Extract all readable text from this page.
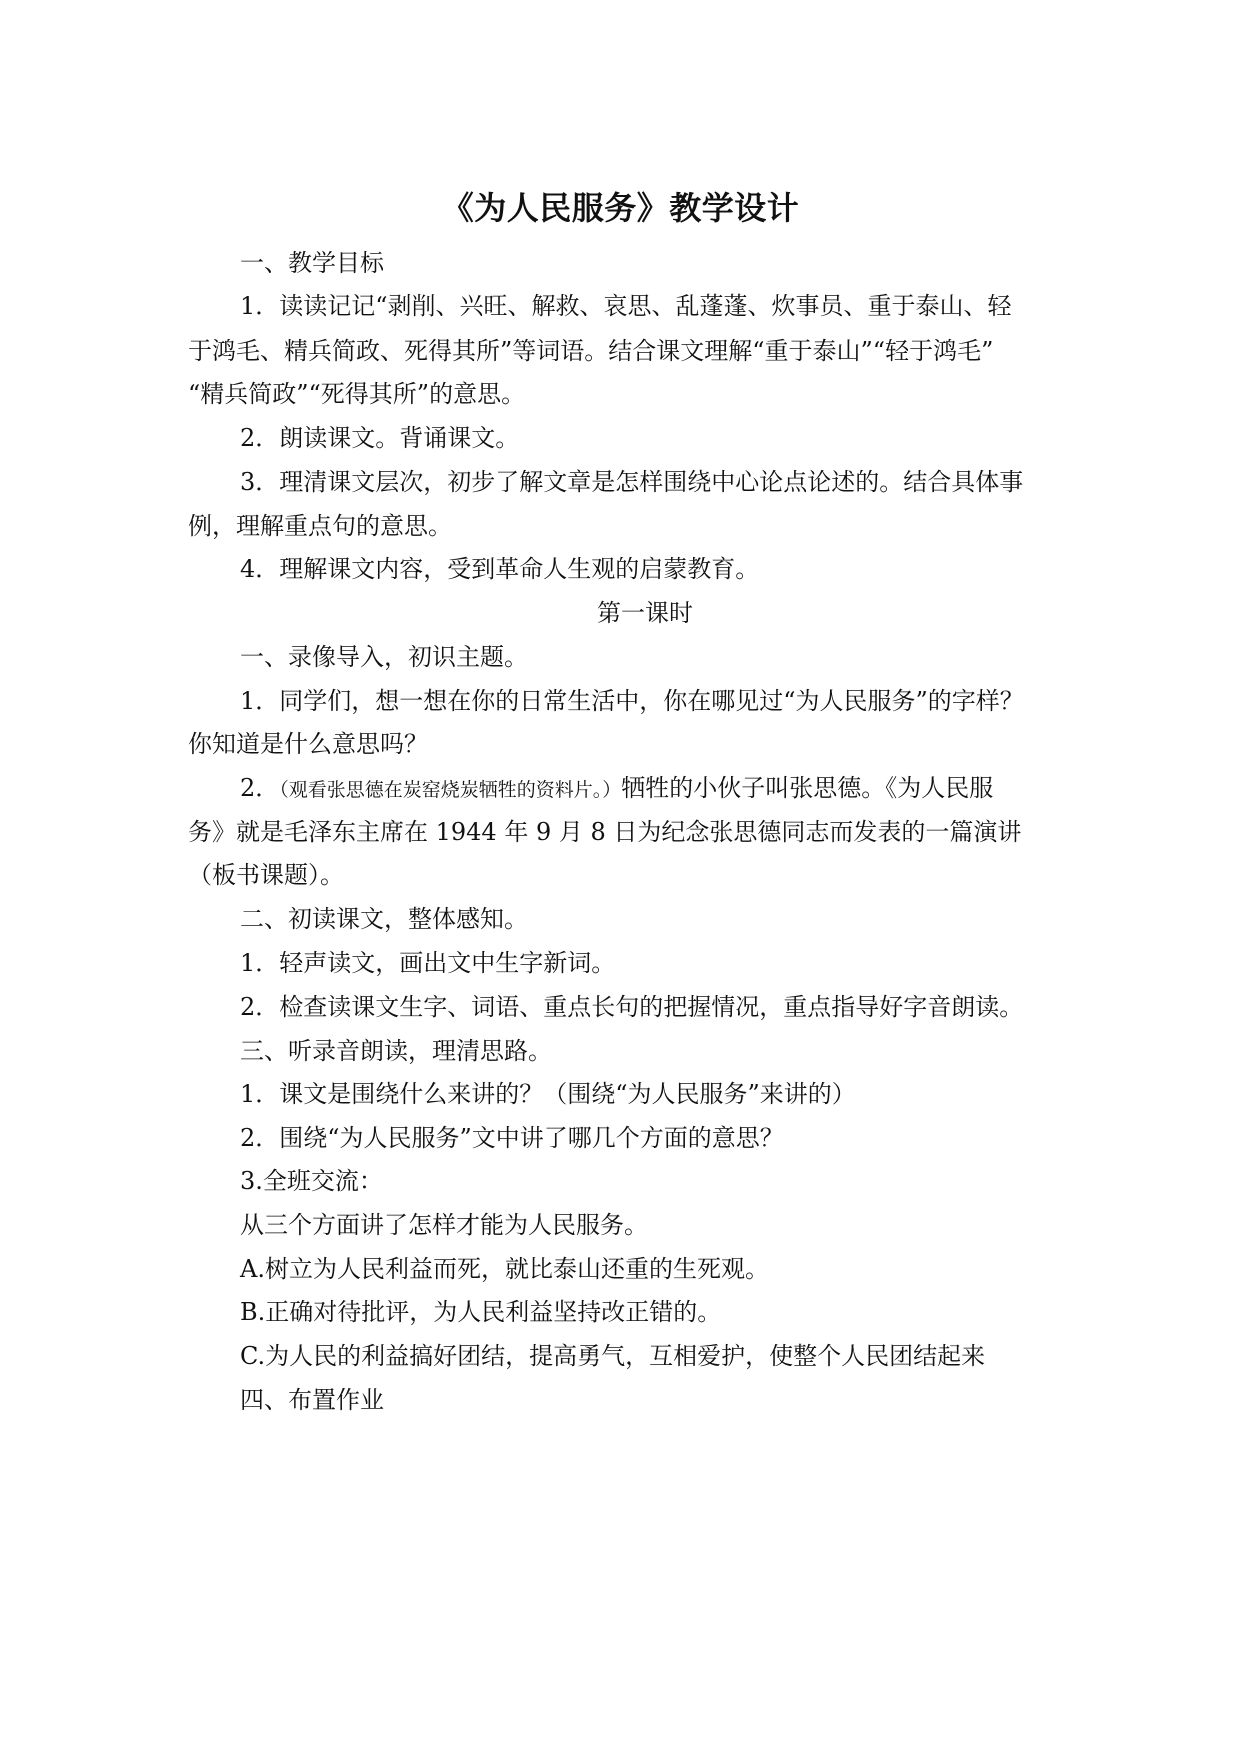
《为人民服务》教学设计
一、教学目标
1．读读记记“剥削、兴旺、解救、哀思、乱蓬蓬、炊事员、重于泰山、轻
于鸿毛、精兵简政、死得其所”等词语。结合课文理解“重于泰山”“轻于鸿毛”
“精兵简政”“死得其所”的意思。
2．朗读课文。背诵课文。
3．理清课文层次，初步了解文章是怎样围绕中心论点论述的。结合具体事
例，理解重点句的意思。
4．理解课文内容，受到革命人生观的启蒙教育。
第一课时
一、录像导入，初识主题。
1．同学们，想一想在你的日常生活中，你在哪见过“为人民服务”的字样？
你知道是什么意思吗？
2．（观看张思德在炭窑烧炭牺牲的资料片。）牺牲的小伙子叫张思德。《为人民服
务》就是毛泽东主席在 1944 年 9 月 8 日为纪念张思德同志而发表的一篇演讲
（板书课题）。
二、初读课文，整体感知。
1．轻声读文，画出文中生字新词。
2．检查读课文生字、词语、重点长句的把握情况，重点指导好字音朗读。
三、听录音朗读，理清思路。
1．课文是围绕什么来讲的？（围绕“为人民服务”来讲的）
2．围绕“为人民服务”文中讲了哪几个方面的意思？
3.全班交流：
从三个方面讲了怎样才能为人民服务。
A.树立为人民利益而死，就比泰山还重的生死观。
B.正确对待批评，为人民利益坚持改正错的。
C.为人民的利益搞好团结，提高勇气，互相爱护，使整个人民团结起来
四、布置作业
